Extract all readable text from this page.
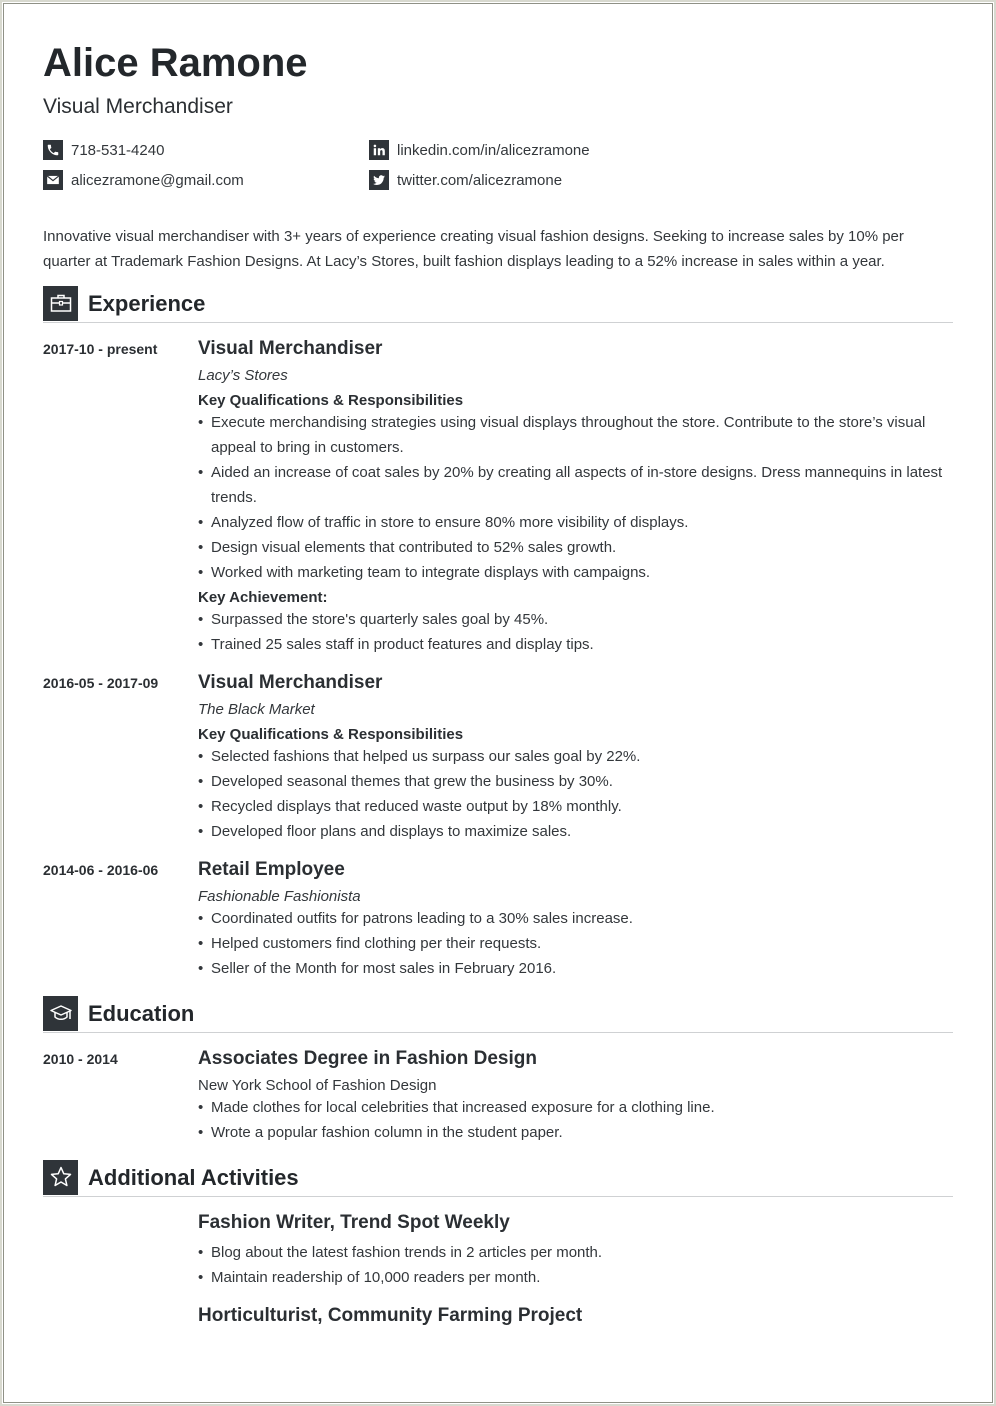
Alice Ramone
Visual Merchandiser
718-531-4240
alicezramone@gmail.com
linkedin.com/in/alicezramone
twitter.com/alicezramone
Innovative visual merchandiser with 3+ years of experience creating visual fashion designs. Seeking to increase sales by 10% per quarter at Trademark Fashion Designs. At Lacy’s Stores, built fashion displays leading to a 52% increase in sales within a year.
Experience
2017-10 - present	Visual Merchandiser
Lacy’s Stores
Key Qualifications & Responsibilities
• Execute merchandising strategies using visual displays throughout the store. Contribute to the store’s visual appeal to bring in customers.
• Aided an increase of coat sales by 20% by creating all aspects of in-store designs. Dress mannequins in latest trends.
• Analyzed flow of traffic in store to ensure 80% more visibility of displays.
• Design visual elements that contributed to 52% sales growth.
• Worked with marketing team to integrate displays with campaigns.
Key Achievement:
• Surpassed the store's quarterly sales goal by 45%.
• Trained 25 sales staff in product features and display tips.
2016-05 - 2017-09	Visual Merchandiser
The Black Market
Key Qualifications & Responsibilities
• Selected fashions that helped us surpass our sales goal by 22%.
• Developed seasonal themes that grew the business by 30%.
• Recycled displays that reduced waste output by 18% monthly.
• Developed floor plans and displays to maximize sales.
2014-06 - 2016-06	Retail Employee
Fashionable Fashionista
• Coordinated outfits for patrons leading to a 30% sales increase.
• Helped customers find clothing per their requests.
• Seller of the Month for most sales in February 2016.
Education
2010 - 2014	Associates Degree in Fashion Design
New York School of Fashion Design
• Made clothes for local celebrities that increased exposure for a clothing line.
• Wrote a popular fashion column in the student paper.
Additional Activities
Fashion Writer, Trend Spot Weekly
• Blog about the latest fashion trends in 2 articles per month.
• Maintain readership of 10,000 readers per month.
Horticulturist, Community Farming Project
